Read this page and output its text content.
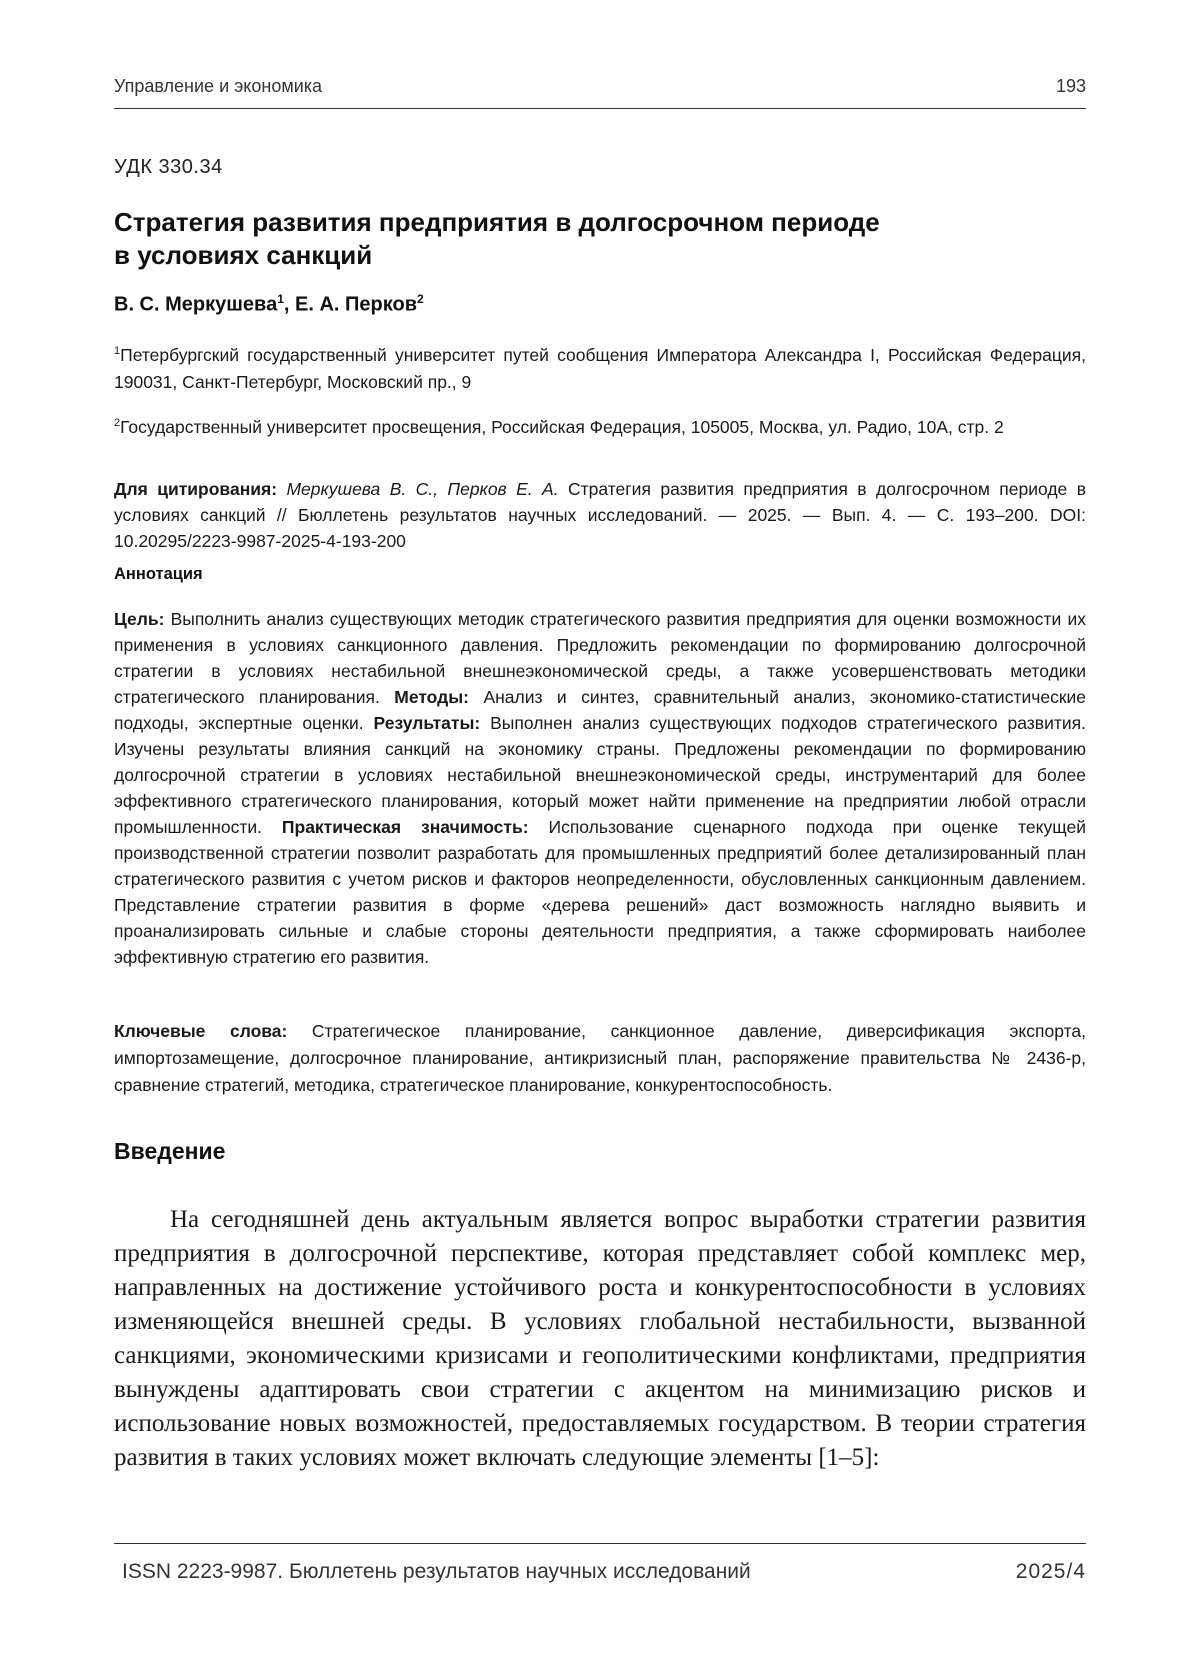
Управление и экономика	193
УДК 330.34
Стратегия развития предприятия в долгосрочном периоде
в условиях санкций
В. С. Меркушева$^1$, Е. А. Перков$^2$

$^1$Петербургский государственный университет путей сообщения Императора Александра I, Российская Федерация, 190031, Санкт-Петербург, Московский пр., 9

$^2$Государственный университет просвещения, Российская Федерация, 105005, Москва, ул. Радио, 10А, стр. 2

Для цитирования: Меркушева В. С., Перков Е. А. Стратегия развития предприятия в долгосрочном периоде в условиях санкций // Бюллетень результатов научных исследований. — 2025. — Вып. 4. — С. 193–200. DOI: 10.20295/2223-9987-2025-4-193-200

Аннотация

Цель: Выполнить анализ существующих методик стратегического развития предприятия для оценки возможности их применения в условиях санкционного давления. Предложить рекомендации по формированию долгосрочной стратегии в условиях нестабильной внешнеэкономической среды, а также усовершенствовать методики стратегического планирования. Методы: Анализ и синтез, сравнительный анализ, экономико-статистические подходы, экспертные оценки. Результаты: Выполнен анализ существующих подходов стратегического развития. Изучены результаты влияния санкций на экономику страны. Предложены рекомендации по формированию долгосрочной стратегии в условиях нестабильной внешнеэкономической среды, инструментарий для более эффективного стратегического планирования, который может найти применение на предприятии любой отрасли промышленности. Практическая значимость: Использование сценарного подхода при оценке текущей производственной стратегии позволит разработать для промышленных предприятий более детализированный план стратегического развития с учетом рисков и факторов неопределенности, обусловленных санкционным давлением. Представление стратегии развития в форме «дерева решений» даст возможность наглядно выявить и проанализировать сильные и слабые стороны деятельности предприятия, а также сформировать наиболее эффективную стратегию его развития.

Ключевые слова: Стратегическое планирование, санкционное давление, диверсификация экспорта, импортозамещение, долгосрочное планирование, антикризисный план, распоряжение правительства № 2436-р, сравнение стратегий, методика, стратегическое планирование, конкурентоспособность.

Введение

На сегодняшней день актуальным является вопрос выработки стратегии развития предприятия в долгосрочной перспективе, которая представляет собой комплекс мер, направленных на достижение устойчивого роста и конкурентоспособности в условиях изменяющейся внешней среды. В условиях глобальной нестабильности, вызванной санкциями, экономическими кризисами и геополитическими конфликтами, предприятия вынуждены адаптировать свои стратегии с акцентом на минимизацию рисков и использование новых возможностей, предоставляемых государством. В теории стратегия развития в таких условиях может включать следующие элементы [1–5]:

ISSN 2223-9987. Бюллетень результатов научных исследований	2025/4
